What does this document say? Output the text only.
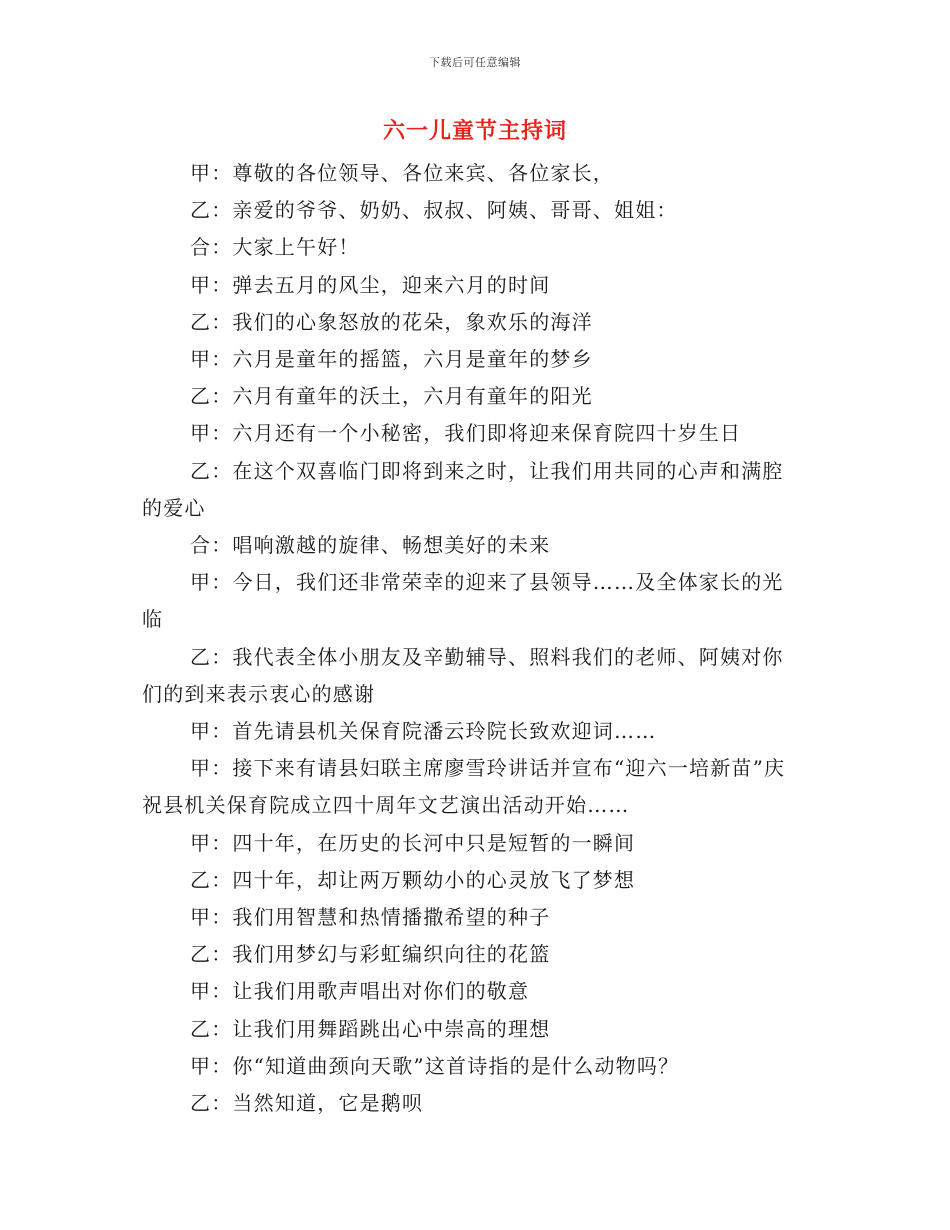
下载后可任意编辑
六一儿童节主持词

甲：尊敬的各位领导、各位来宾、各位家长，

乙：亲爱的爷爷、奶奶、叔叔、阿姨、哥哥、姐姐：

合：大家上午好！

甲：弹去五月的风尘，迎来六月的时间

乙：我们的心象怒放的花朵，象欢乐的海洋

甲：六月是童年的摇篮，六月是童年的梦乡

乙：六月有童年的沃土，六月有童年的阳光

甲：六月还有一个小秘密，我们即将迎来保育院四十岁生日

乙：在这个双喜临门即将到来之时，让我们用共同的心声和满腔的爱心

合：唱响激越的旋律、畅想美好的未来

甲：今日，我们还非常荣幸的迎来了县领导……及全体家长的光临

乙：我代表全体小朋友及辛勤辅导、照料我们的老师、阿姨对你们的到来表示衷心的感谢

甲：首先请县机关保育院潘云玲院长致欢迎词……

甲：接下来有请县妇联主席廖雪玲讲话并宣布“迎六一培新苗”庆祝县机关保育院成立四十周年文艺演出活动开始……

甲：四十年，在历史的长河中只是短暂的一瞬间

乙：四十年，却让两万颗幼小的心灵放飞了梦想

甲：我们用智慧和热情播撒希望的种子

乙：我们用梦幻与彩虹编织向往的花篮

甲：让我们用歌声唱出对你们的敬意

乙：让我们用舞蹈跳出心中崇高的理想

甲：你“知道曲颈向天歌”这首诗指的是什么动物吗？

乙：当然知道，它是鹅呗
